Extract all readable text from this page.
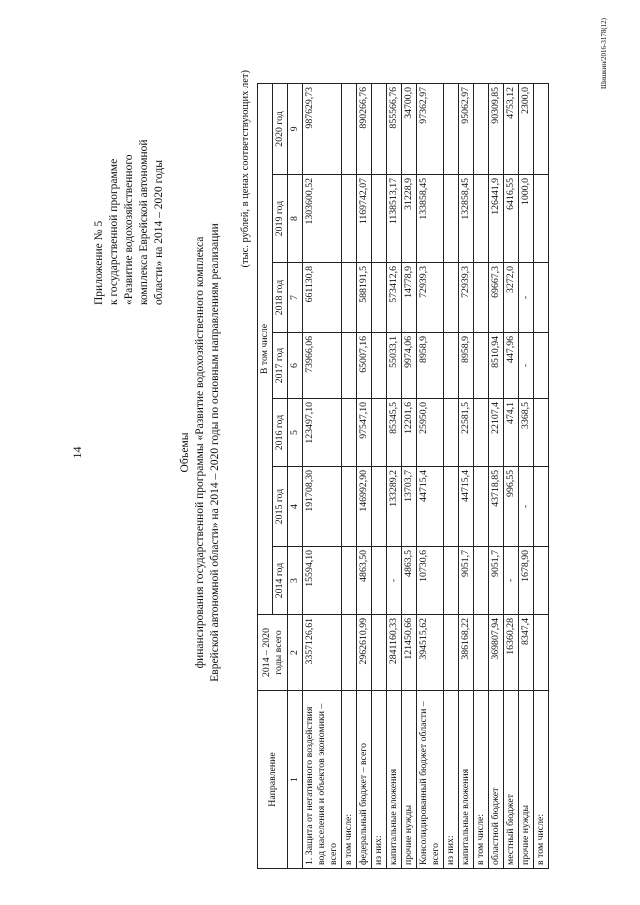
14
Приложение № 5 к государственной программе «Развитие водохозяйственного комплекса Еврейской автономной области» на 2014 – 2020 годы
Объемы финансирования государственной программы «Развитие водохозяйственного комплекса Еврейской автономной области» на 2014 – 2020 годы по основным направлениям реализации
(тыс. рублей, в ценах соответствующих лет)
Направление	2014 – 2020 годы всего	В том числе						
		2014 год	2015 год	2016 год	2017 год	2018 год	2019 год	2020 год
1	2	3	4	5	6	7	8	9
1. Защита от негативного воздействия вод населения и объектов экономики – всего	3357126,61	15594,10	191708,30	123497,10	73966,06	661130,8	1303600,52	987629,73
в том числе:								
федеральный бюджет – всего	2962610,99	4863,50	146992,90	97547,10	65007,16	588191,5	1169742,07	890266,76
из них:								
капитальные вложения	2841160,33	-	133289,2	85345,5	55033,1	573412,6	1138513,17	855566,76
прочие нужды	121450,66	4863,5	13703,7	12201,6	9974,06	14778,9	31228,9	34700,0
Консолидированный бюджет области – всего	394515,62	10730,6	44715,4	25950,0	8958,9	72939,3	133858,45	97362,97
из них:								
капитальные вложения	386168,22	9051,7	44715,4	22581,5	8958,9	72939,3	132858,45	95062,97
в том числе:								
областной бюджет	369807,94	9051,7	43718,85	22107,4	8510,94	69667,3	126441,9	90309,85
местный бюджет	16360,28	-	996,55	474,1	447,96	3272,0	6416,55	4753,12
прочие нужды	8347,4	1678,90	-	3368,5	-	-	1000,0	2300,0
в том числе:								
Шишкин/2016-3178(12)
